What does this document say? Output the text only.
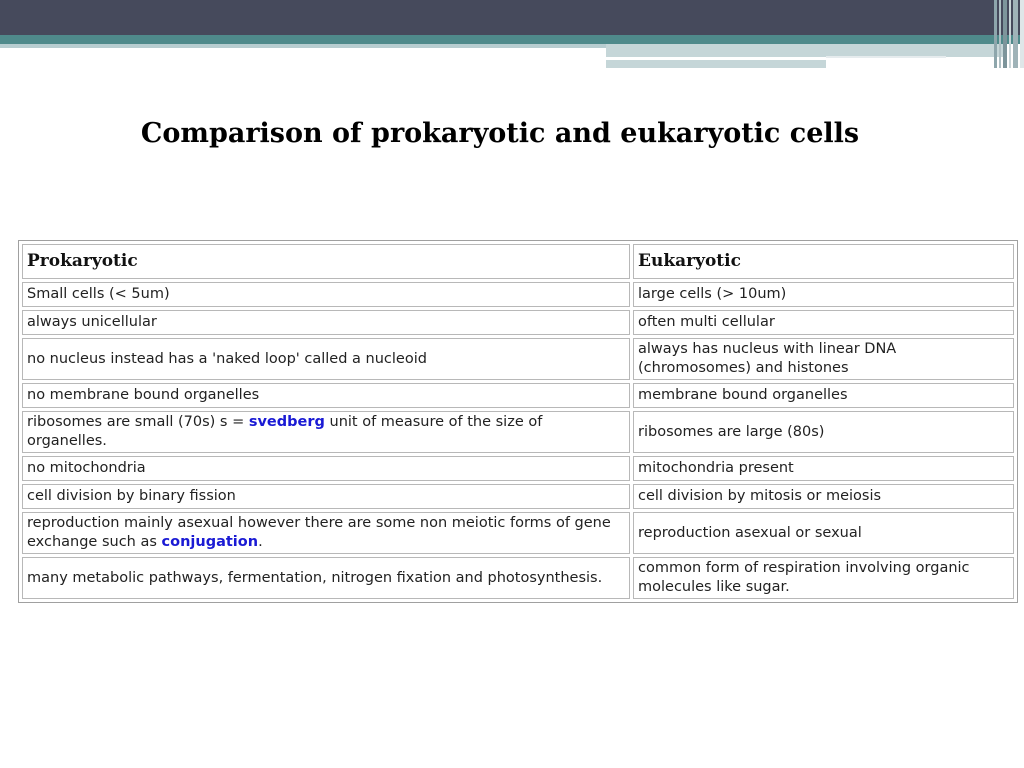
Comparison of prokaryotic and eukaryotic cells
Prokaryotic	Eukaryotic
Small cells (< 5um)	large cells (> 10um)
always unicellular	often multi cellular
no nucleus instead has a 'naked loop' called a nucleoid	always has nucleus with linear DNA (chromosomes) and histones
no membrane bound organelles	membrane bound organelles
ribosomes are small (70s) s = svedberg unit of measure of the size of organelles.	ribosomes are large (80s)
no mitochondria	mitochondria present
cell division by binary fission	cell division by mitosis or meiosis
reproduction mainly asexual however there are some non meiotic forms of gene exchange such as conjugation.	reproduction asexual or sexual
many metabolic pathways, fermentation, nitrogen fixation and photosynthesis.	common form of respiration involving organic molecules like sugar.
